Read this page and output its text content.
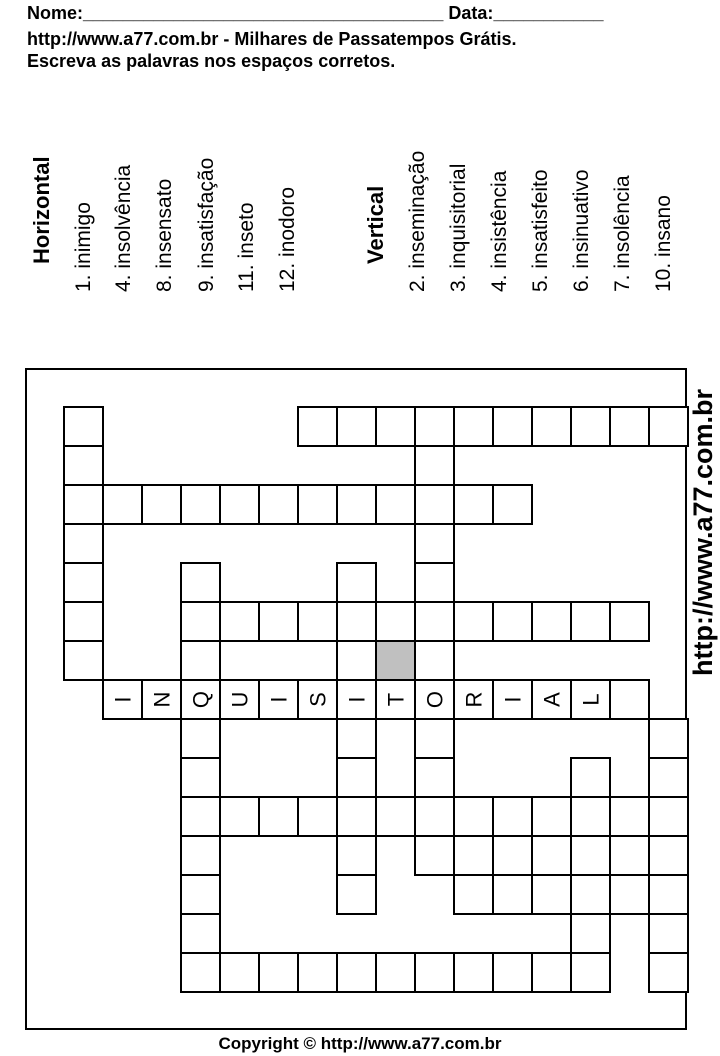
Nome:____________________________________ Data:___________
http://www.a77.com.br - Milhares de Passatempos Grátis.
Escreva as palavras nos espaços corretos.
Horizontal 1. inimigo 4. insolvência 8. insensato 9. insatisfação 11. inseto 12. inodoro	Vertical 2. inseminação 3. inquisitorial 4. insistência 5. insatisfeito 6. insinuativo 7. insolência 10. insano
I N Q U I S I T O R I A L
http://www.a77.com.br
Copyright © http://www.a77.com.br
